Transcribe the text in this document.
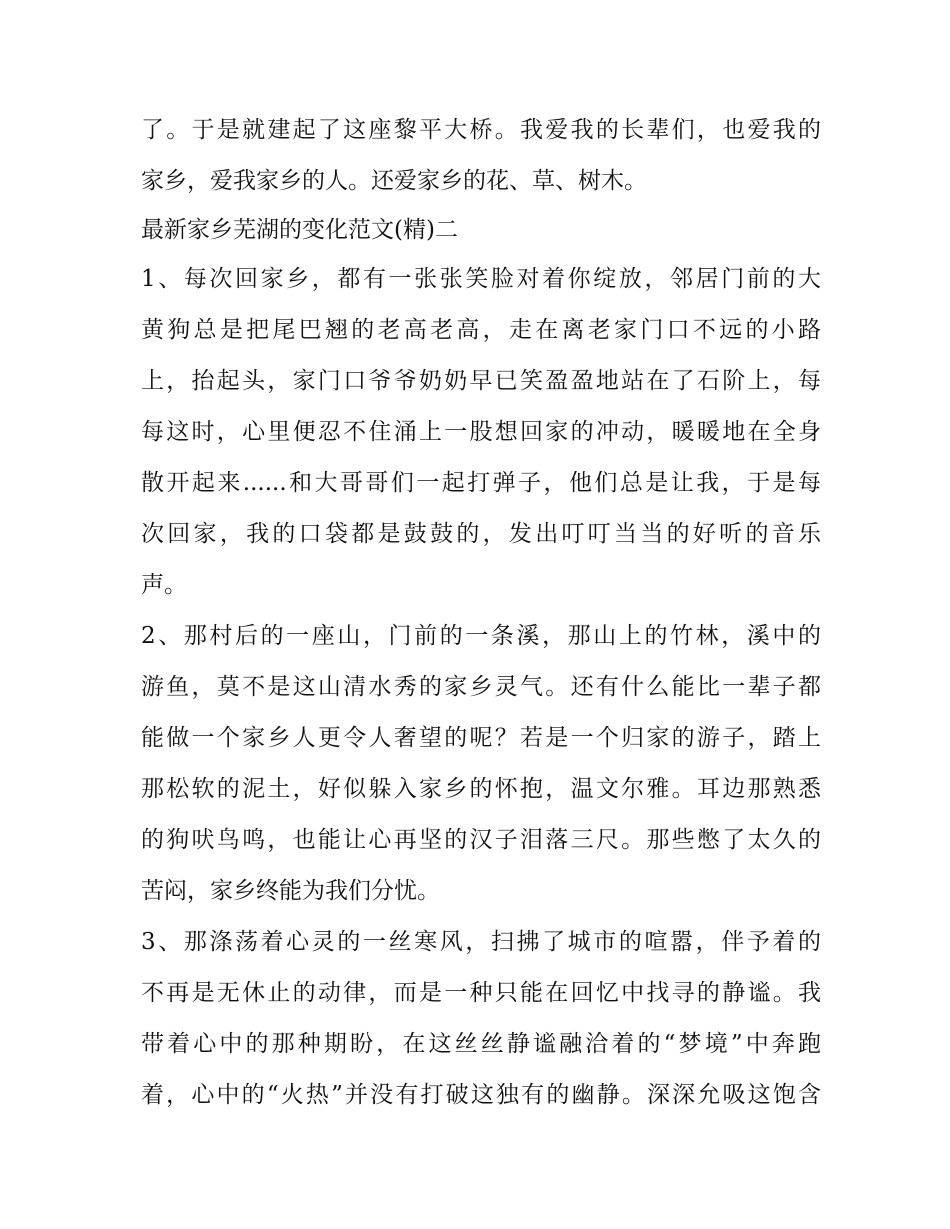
了。于是就建起了这座黎平大桥。我爱我的长辈们，也爱我的
家乡，爱我家乡的人。还爱家乡的花、草、树木。
最新家乡芜湖的变化范文(精)二
1、每次回家乡，都有一张张笑脸对着你绽放，邻居门前的大
黄狗总是把尾巴翘的老高老高，走在离老家门口不远的小路
上，抬起头，家门口爷爷奶奶早已笑盈盈地站在了石阶上，每
每这时，心里便忍不住涌上一股想回家的冲动，暖暖地在全身
散开起来......和大哥哥们一起打弹子，他们总是让我，于是每
次回家，我的口袋都是鼓鼓的，发出叮叮当当的好听的音乐
声。
2、那村后的一座山，门前的一条溪，那山上的竹林，溪中的
游鱼，莫不是这山清水秀的家乡灵气。还有什么能比一辈子都
能做一个家乡人更令人奢望的呢？若是一个归家的游子，踏上
那松软的泥土，好似躲入家乡的怀抱，温文尔雅。耳边那熟悉
的狗吠鸟鸣，也能让心再坚的汉子泪落三尺。那些憋了太久的
苦闷，家乡终能为我们分忧。
3、那涤荡着心灵的一丝寒风，扫拂了城市的喧嚣，伴予着的
不再是无休止的动律，而是一种只能在回忆中找寻的静谧。我
带着心中的那种期盼，在这丝丝静谧融洽着的“梦境”中奔跑
着，心中的“火热”并没有打破这独有的幽静。深深允吸这饱含
